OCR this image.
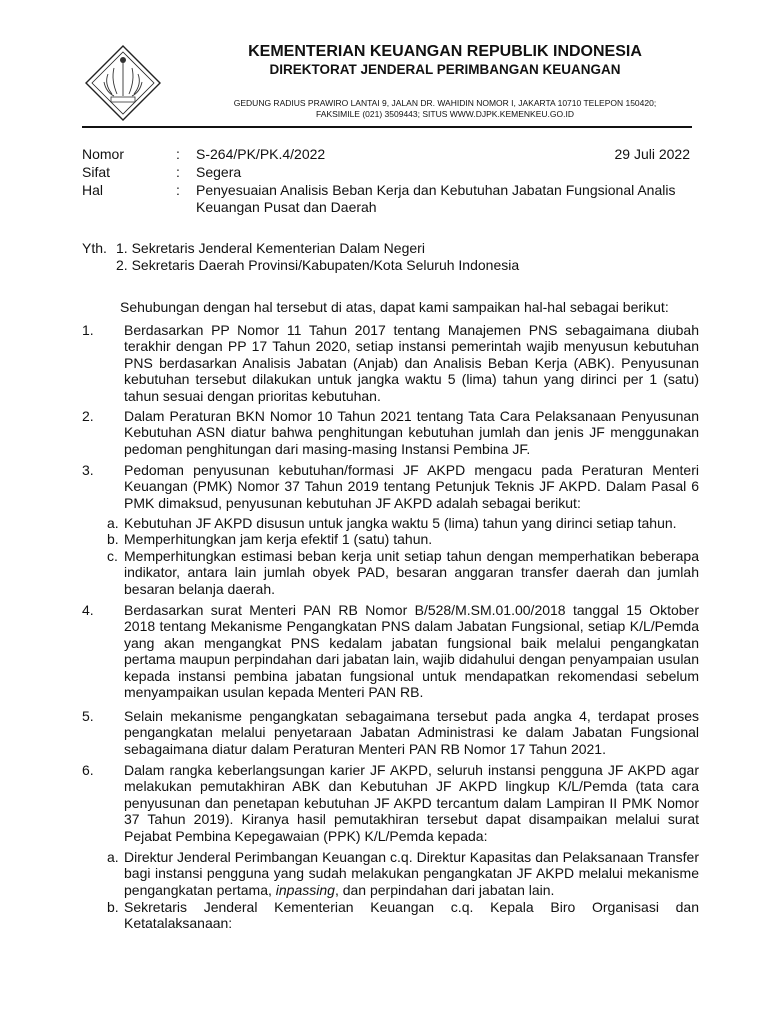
KEMENTERIAN KEUANGAN REPUBLIK INDONESIA
DIREKTORAT JENDERAL PERIMBANGAN KEUANGAN
GEDUNG RADIUS PRAWIRO LANTAI 9, JALAN DR. WAHIDIN NOMOR I, JAKARTA 10710 TELEPON 150420;
FAKSIMILE (021) 3509443; SITUS WWW.DJPK.KEMENKEU.GO.ID
Nomor	: S-264/PK/PK.4/2022	29 Juli 2022
Sifat	: Segera
Hal	: Penyesuaian Analisis Beban Kerja dan Kebutuhan Jabatan Fungsional Analis
Keuangan Pusat dan Daerah
Yth. 1. Sekretaris Jenderal Kementerian Dalam Negeri
2. Sekretaris Daerah Provinsi/Kabupaten/Kota Seluruh Indonesia
Sehubungan dengan hal tersebut di atas, dapat kami sampaikan hal-hal sebagai berikut:
1. Berdasarkan PP Nomor 11 Tahun 2017 tentang Manajemen PNS sebagaimana diubah terakhir dengan PP 17 Tahun 2020, setiap instansi pemerintah wajib menyusun kebutuhan PNS berdasarkan Analisis Jabatan (Anjab) dan Analisis Beban Kerja (ABK). Penyusunan kebutuhan tersebut dilakukan untuk jangka waktu 5 (lima) tahun yang dirinci per 1 (satu) tahun sesuai dengan prioritas kebutuhan.
2. Dalam Peraturan BKN Nomor 10 Tahun 2021 tentang Tata Cara Pelaksanaan Penyusunan Kebutuhan ASN diatur bahwa penghitungan kebutuhan jumlah dan jenis JF menggunakan pedoman penghitungan dari masing-masing Instansi Pembina JF.
3. Pedoman penyusunan kebutuhan/formasi JF AKPD mengacu pada Peraturan Menteri Keuangan (PMK) Nomor 37 Tahun 2019 tentang Petunjuk Teknis JF AKPD. Dalam Pasal 6 PMK dimaksud, penyusunan kebutuhan JF AKPD adalah sebagai berikut:
a. Kebutuhan JF AKPD disusun untuk jangka waktu 5 (lima) tahun yang dirinci setiap tahun.
b. Memperhitungkan jam kerja efektif 1 (satu) tahun.
c. Memperhitungkan estimasi beban kerja unit setiap tahun dengan memperhatikan beberapa indikator, antara lain jumlah obyek PAD, besaran anggaran transfer daerah dan jumlah besaran belanja daerah.
4. Berdasarkan surat Menteri PAN RB Nomor B/528/M.SM.01.00/2018 tanggal 15 Oktober 2018 tentang Mekanisme Pengangkatan PNS dalam Jabatan Fungsional, setiap K/L/Pemda yang akan mengangkat PNS kedalam jabatan fungsional baik melalui pengangkatan pertama maupun perpindahan dari jabatan lain, wajib didahului dengan penyampaian usulan kepada instansi pembina jabatan fungsional untuk mendapatkan rekomendasi sebelum menyampaikan usulan kepada Menteri PAN RB.
5. Selain mekanisme pengangkatan sebagaimana tersebut pada angka 4, terdapat proses pengangkatan melalui penyetaraan Jabatan Administrasi ke dalam Jabatan Fungsional sebagaimana diatur dalam Peraturan Menteri PAN RB Nomor 17 Tahun 2021.
6. Dalam rangka keberlangsungan karier JF AKPD, seluruh instansi pengguna JF AKPD agar melakukan pemutakhiran ABK dan Kebutuhan JF AKPD lingkup K/L/Pemda (tata cara penyusunan dan penetapan kebutuhan JF AKPD tercantum dalam Lampiran II PMK Nomor 37 Tahun 2019). Kiranya hasil pemutakhiran tersebut dapat disampaikan melalui surat Pejabat Pembina Kepegawaian (PPK) K/L/Pemda kepada:
a. Direktur Jenderal Perimbangan Keuangan c.q. Direktur Kapasitas dan Pelaksanaan Transfer bagi instansi pengguna yang sudah melakukan pengangkatan JF AKPD melalui mekanisme pengangkatan pertama, inpassing, dan perpindahan dari jabatan lain.
b. Sekretaris Jenderal Kementerian Keuangan c.q. Kepala Biro Organisasi dan Ketatalaksanaan:
